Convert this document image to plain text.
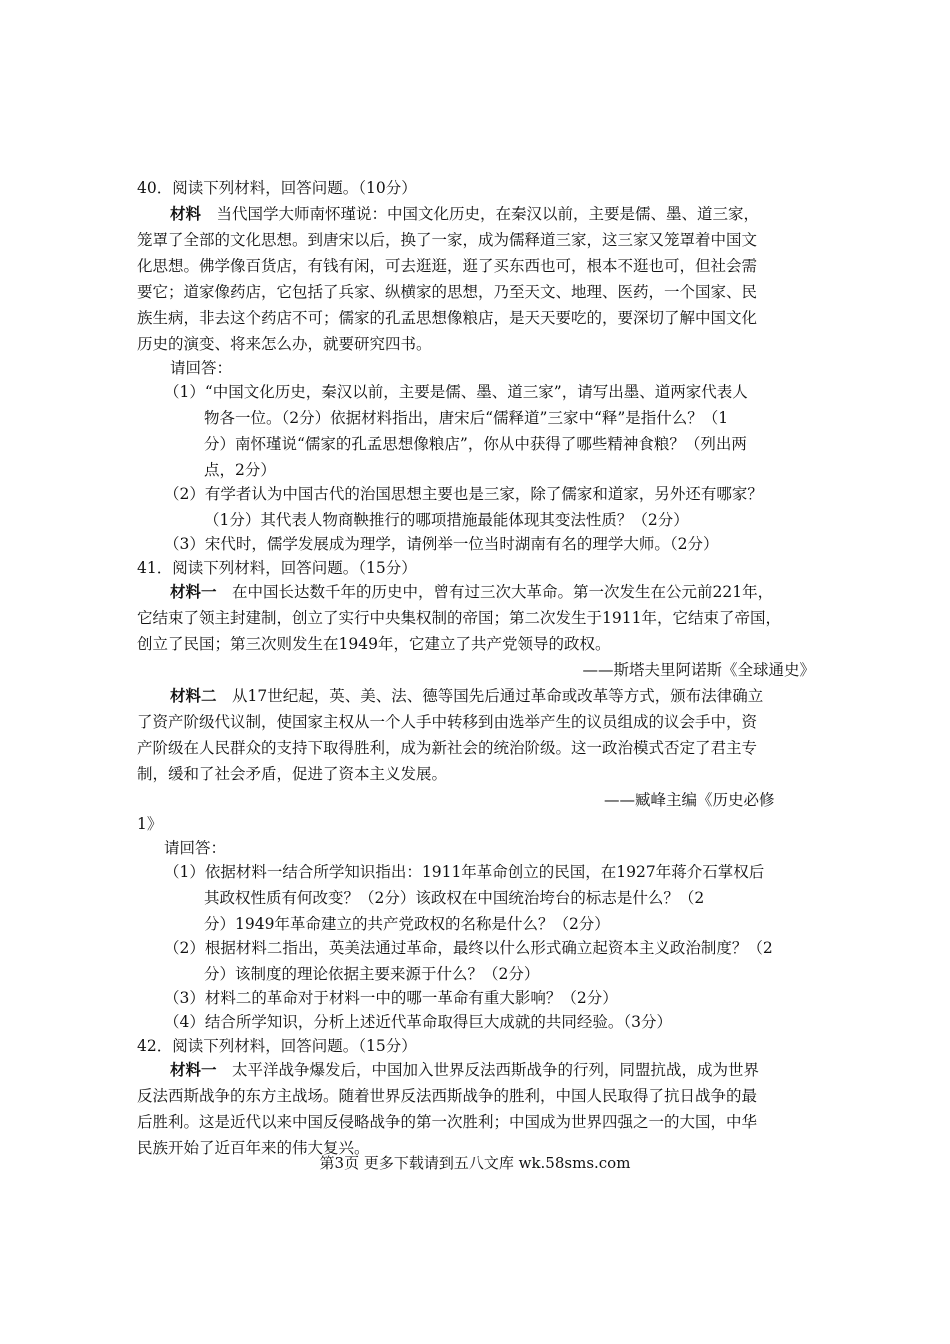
40．阅读下列材料，回答问题。（10分）
材料　当代国学大师南怀瑾说：中国文化历史，在秦汉以前，主要是儒、墨、道三家，
笼罩了全部的文化思想。到唐宋以后，换了一家，成为儒释道三家，这三家又笼罩着中国文
化思想。佛学像百货店，有钱有闲，可去逛逛，逛了买东西也可，根本不逛也可，但社会需
要它；道家像药店，它包括了兵家、纵横家的思想，乃至天文、地理、医药，一个国家、民
族生病，非去这个药店不可；儒家的孔孟思想像粮店，是天天要吃的，要深切了解中国文化
历史的演变、将来怎么办，就要研究四书。
请回答：
（1）“中国文化历史，秦汉以前，主要是儒、墨、道三家”，请写出墨、道两家代表人
物各一位。（2分）依据材料指出，唐宋后“儒释道”三家中“释”是指什么？（1
分）南怀瑾说“儒家的孔孟思想像粮店”，你从中获得了哪些精神食粮？（列出两
点，2分）
（2）有学者认为中国古代的治国思想主要也是三家，除了儒家和道家，另外还有哪家？
（1分）其代表人物商鞅推行的哪项措施最能体现其变法性质？（2分）
（3）宋代时，儒学发展成为理学，请例举一位当时湖南有名的理学大师。（2分）
41．阅读下列材料，回答问题。（15分）
材料一　在中国长达数千年的历史中，曾有过三次大革命。第一次发生在公元前221年，
它结束了领主封建制，创立了实行中央集权制的帝国；第二次发生于1911年，它结束了帝国，
创立了民国；第三次则发生在1949年，它建立了共产党领导的政权。
——斯塔夫里阿诺斯《全球通史》
材料二　从17世纪起，英、美、法、德等国先后通过革命或改革等方式，颁布法律确立
了资产阶级代议制，使国家主权从一个人手中转移到由选举产生的议员组成的议会手中，资
产阶级在人民群众的支持下取得胜利，成为新社会的统治阶级。这一政治模式否定了君主专
制，缓和了社会矛盾，促进了资本主义发展。
——臧峰主编《历史必修
1》
请回答：
（1）依据材料一结合所学知识指出：1911年革命创立的民国，在1927年蒋介石掌权后
其政权性质有何改变？（2分）该政权在中国统治垮台的标志是什么？（2
分）1949年革命建立的共产党政权的名称是什么？（2分）
（2）根据材料二指出，英美法通过革命，最终以什么形式确立起资本主义政治制度？（2
分）该制度的理论依据主要来源于什么？（2分）
（3）材料二的革命对于材料一中的哪一革命有重大影响？（2分）
（4）结合所学知识，分析上述近代革命取得巨大成就的共同经验。（3分）
42．阅读下列材料，回答问题。（15分）
材料一　太平洋战争爆发后，中国加入世界反法西斯战争的行列，同盟抗战，成为世界
反法西斯战争的东方主战场。随着世界反法西斯战争的胜利，中国人民取得了抗日战争的最
后胜利。这是近代以来中国反侵略战争的第一次胜利；中国成为世界四强之一的大国，中华
民族开始了近百年来的伟大复兴。
第3页 更多下载请到五八文库 wk.58sms.com
